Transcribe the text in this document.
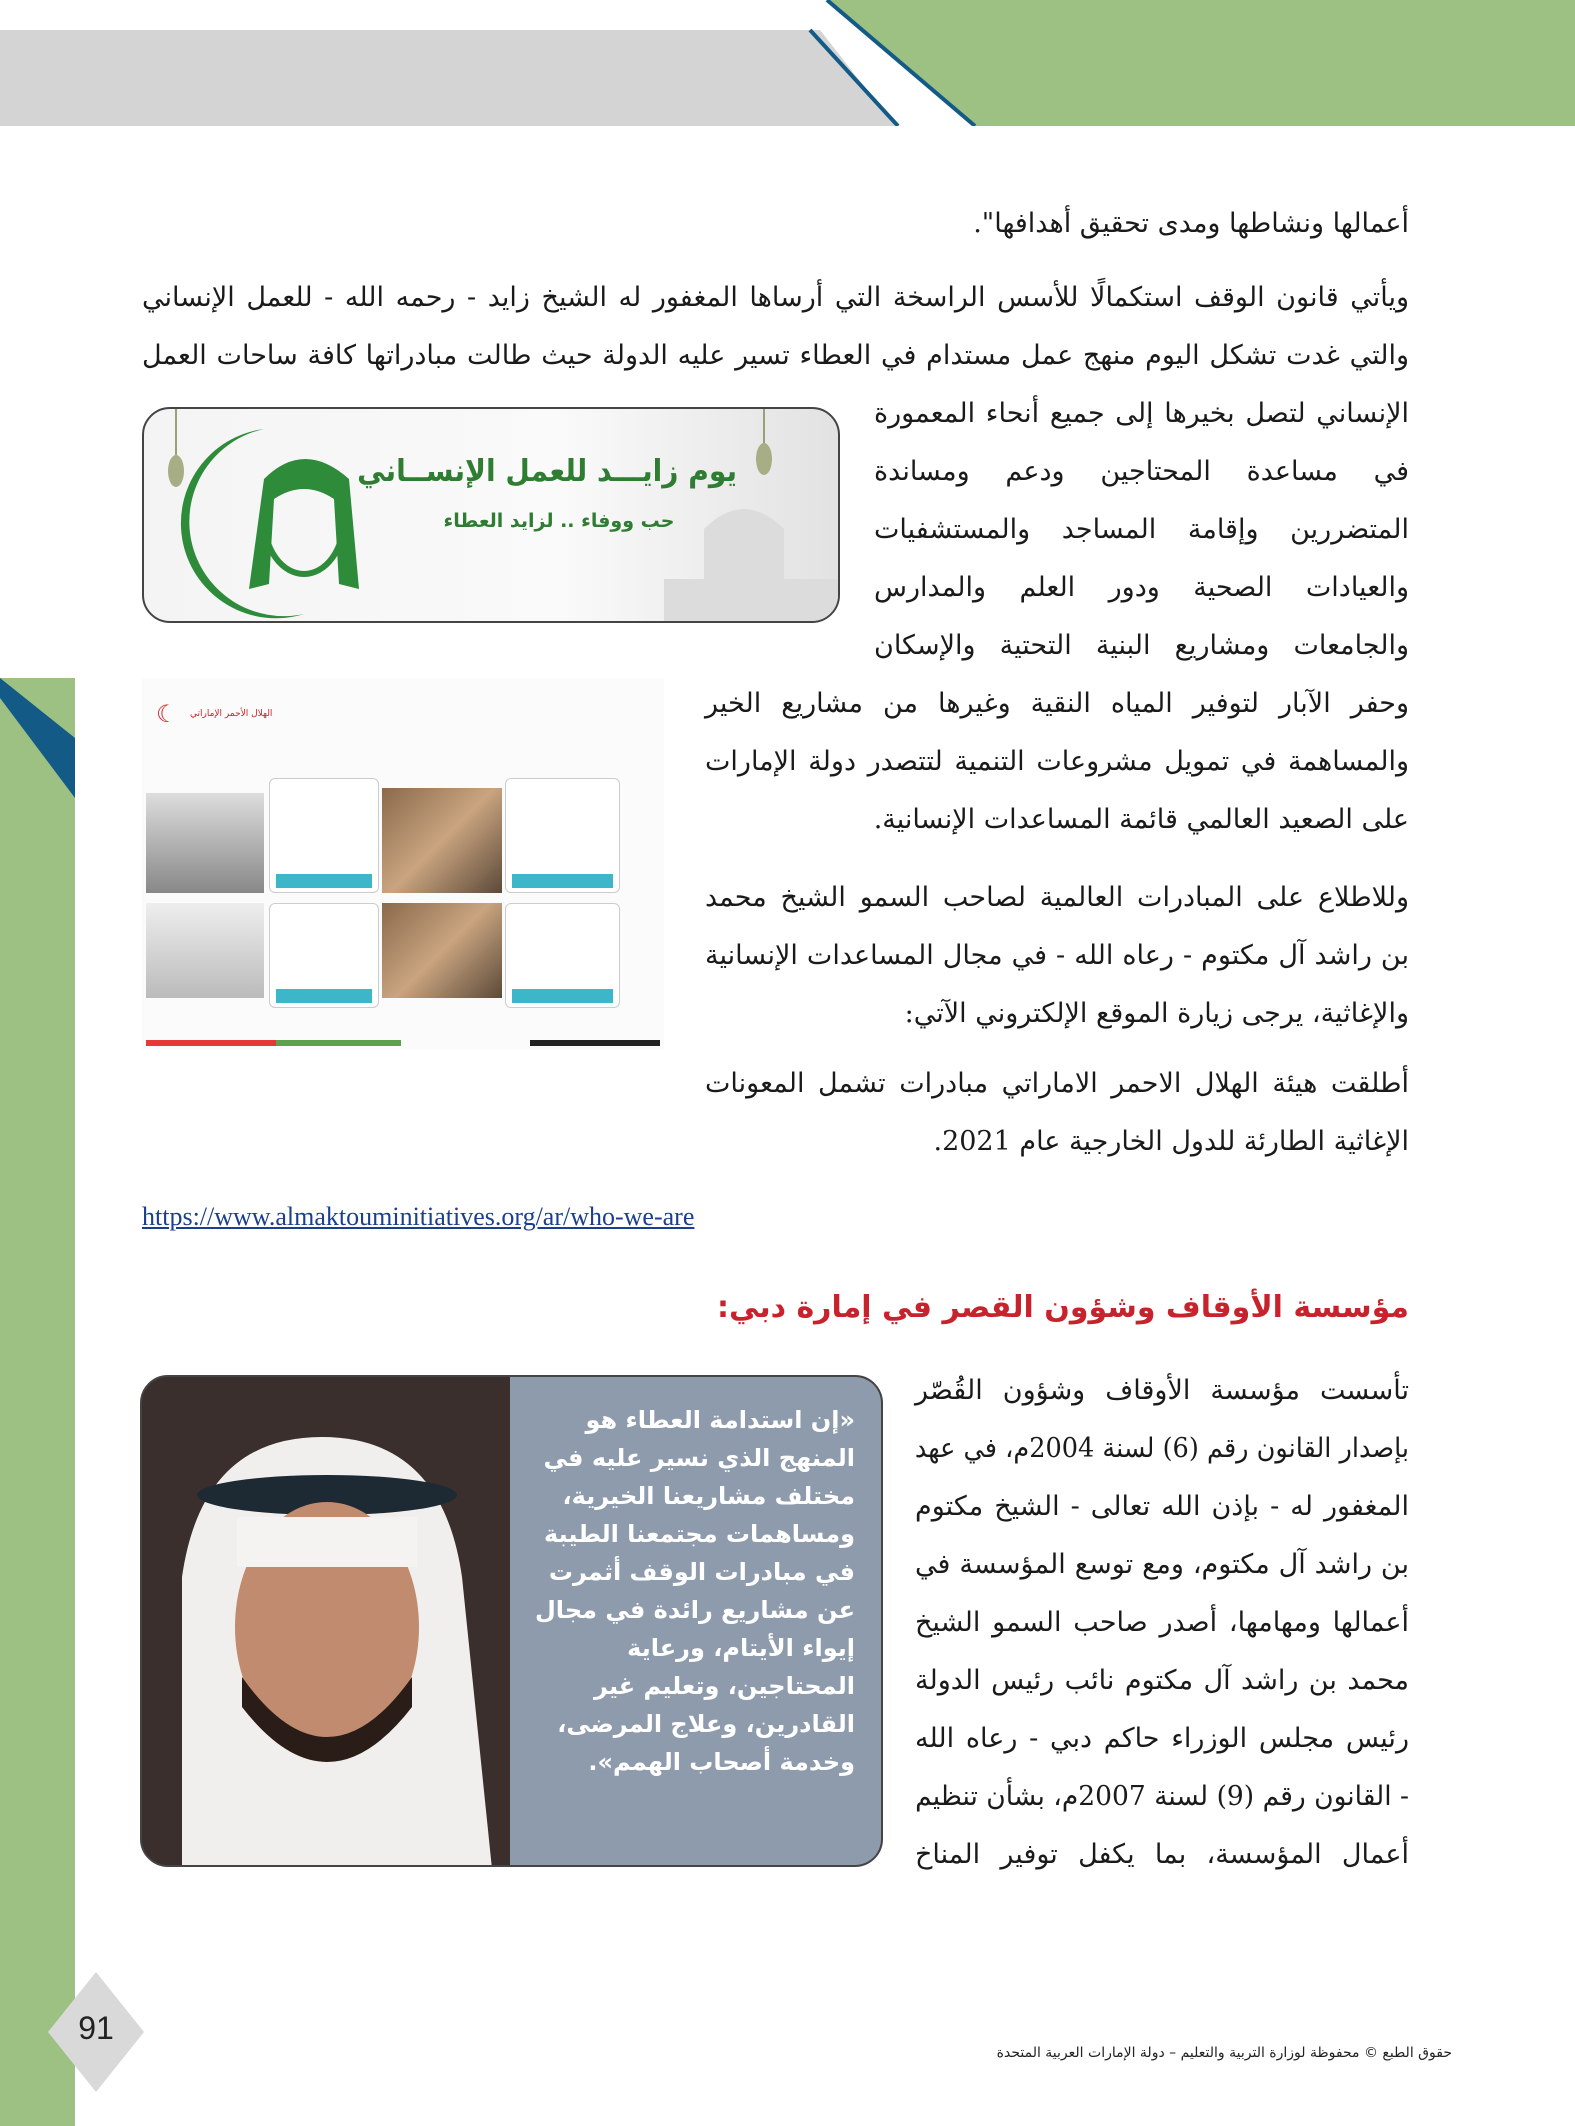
أعمالها ونشاطها ومدى تحقيق أهدافها".
ويأتي قانون الوقف استكمالًا للأسس الراسخة التي أرساها المغفور له الشيخ زايد - رحمه الله - للعمل الإنساني
والتي غدت تشكل اليوم منهج عمل مستدام في العطاء تسير عليه الدولة حيث طالت مبادراتها كافة ساحات العمل
الإنساني لتصل بخيرها إلى جميع أنحاء المعمورة
في مساعدة المحتاجين ودعم ومساندة
المتضررين وإقامة المساجد والمستشفيات
والعيادات الصحية ودور العلم والمدارس
والجامعات ومشاريع البنية التحتية والإسكان
وحفر الآبار لتوفير المياه النقية وغيرها من مشاريع الخير
والمساهمة في تمويل مشروعات التنمية لتتصدر دولة الإمارات
على الصعيد العالمي قائمة المساعدات الإنسانية.
وللاطلاع على المبادرات العالمية لصاحب السمو الشيخ محمد
بن راشد آل مكتوم - رعاه الله - في مجال المساعدات الإنسانية
والإغاثية، يرجى زيارة الموقع الإلكتروني الآتي:
أطلقت هيئة الهلال الاحمر الاماراتي مبادرات تشمل المعونات
الإغاثية الطارئة للدول الخارجية عام 2021.
https://www.almaktouminitiatives.org/ar/who-we-are
مؤسسة الأوقاف وشؤون القصر في إمارة دبي:
تأسست مؤسسة الأوقاف وشؤون القُصّر
بإصدار القانون رقم (6) لسنة 2004م، في عهد
المغفور له - بإذن الله تعالى - الشيخ مكتوم
بن راشد آل مكتوم، ومع توسع المؤسسة في
أعمالها ومهامها، أصدر صاحب السمو الشيخ
محمد بن راشد آل مكتوم نائب رئيس الدولة
رئيس مجلس الوزراء حاكم دبي - رعاه الله
- القانون رقم (9) لسنة 2007م، بشأن تنظيم
أعمال المؤسسة، بما يكفل توفير المناخ
يوم زايـــد للعمل الإنســاني
حب ووفاء .. لزايد العطاء
☾ الهلال الأحمر الإماراتي
«إن استدامة العطاء هو المنهج الذي نسير عليه في مختلف مشاريعنا الخيرية، ومساهمات مجتمعنا الطيبة في مبادرات الوقف أثمرت عن مشاريع رائدة في مجال إيواء الأيتام، ورعاية المحتاجين، وتعليم غير القادرين، وعلاج المرضى، وخدمة أصحاب الهمم».
91
حقوق الطبع © محفوظة لوزارة التربية والتعليم – دولة الإمارات العربية المتحدة
